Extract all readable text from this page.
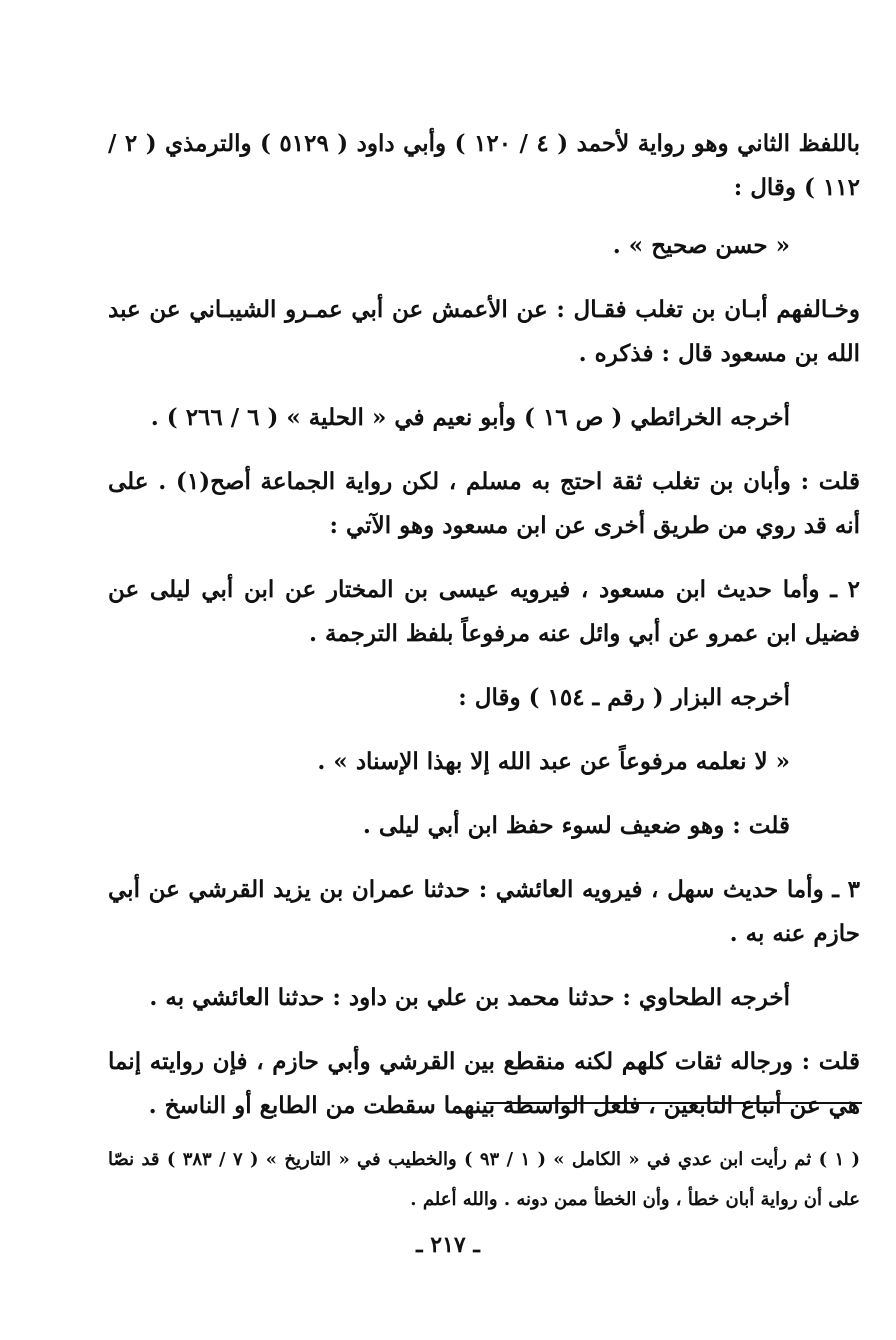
باللفظ الثاني وهو رواية لأحمد ( ٤ / ١٢٠ ) وأبي داود ( ٥١٢٩ ) والترمذي ( ٢ / ١١٢ ) وقال :

« حسن صحيح » .

وخـالفهم أبـان بن تغلب فقـال : عن الأعمش عن أبي عمـرو الشيبـاني عن عبد الله بن مسعود قال : فذكره .

أخرجه الخرائطي ( ص ١٦ ) وأبو نعيم في « الحلية » ( ٦ / ٢٦٦ ) .

قلت : وأبان بن تغلب ثقة احتج به مسلم ، لكن رواية الجماعة أصح(١) . على أنه قد روي من طريق أخرى عن ابن مسعود وهو الآتي :

٢ ـ وأما حديث ابن مسعود ، فيرويه عيسى بن المختار عن ابن أبي ليلى عن فضيل ابن عمرو عن أبي وائل عنه مرفوعاً بلفظ الترجمة .

أخرجه البزار ( رقم ـ ١٥٤ ) وقال :

« لا نعلمه مرفوعاً عن عبد الله إلا بهذا الإسناد » .

قلت : وهو ضعيف لسوء حفظ ابن أبي ليلى .

٣ ـ وأما حديث سهل ، فيرويه العائشي : حدثنا عمران بن يزيد القرشي عن أبي حازم عنه به .

أخرجه الطحاوي : حدثنا محمد بن علي بن داود : حدثنا العائشي به .

قلت : ورجاله ثقات كلهم لكنه منقطع بين القرشي وأبي حازم ، فإن روايته إنما هي عن أتباع التابعين ، فلعل الواسطة بينهما سقطت من الطابع أو الناسخ .

( ١ ) ثم رأيت ابن عدي في « الكامل » ( ١ / ٩٣ ) والخطيب في « التاريخ » ( ٧ / ٣٨٣ ) قد نصّا على أن رواية أبان خطأ ، وأن الخطأ ممن دونه . والله أعلم .

ـ ٢١٧ ـ
